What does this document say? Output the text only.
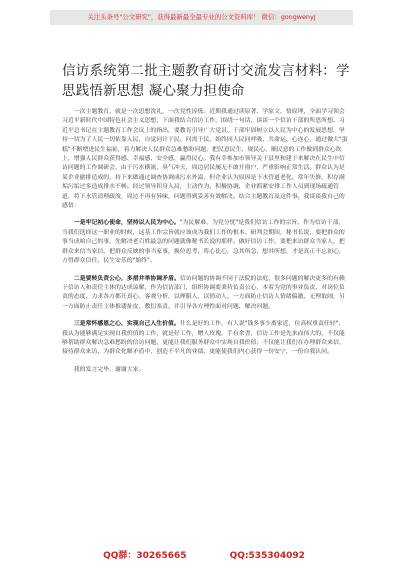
关注头条号"公文研究"，获得最新最全最专业的公文资料库！ 微信：gongwenyj
信访系统第二批主题教育研讨交流发言材料：学思践悟新思想 凝心聚力担使命

一次主题教育，就是一次思想洗礼、一次党性淬炼。近期我通过读原著、学原文、悟原理，全面学习领会习近平新时代中国特色社会主义思想，下面我结合信访工作，围绕一句话，谈谈一个信访干部的所思所想。习近平总书记在主题教育工作会议上的指出，要教育引导广大党员、干部牢固树立以人民为中心的发展思想，坚持一切为了人民一切依靠人民，自觉问计于民、问需于民，始终同人民同呼吸、共命运、心连心，通过做大"蛋糕"不断增进民生福祉，着力解决人民群众急难愁盼问题，把民意民生、规民心、顺民意的工作做到群众心坎上，增强人民群众获得感、幸福感、安全感，赢得民心。我有幸参加市领导关于县里和建下来解决在民生中信访问题的工作调研会，由于污水横流，臭气冲天，周边居民屡无不敢开窗户，严重影响正常生活。群众认为是某企业偷排造成的，持下来做通过调查协调成污水外溢，但企业认为原因是下水管道老化。常年失修，积存满垢污垢过多造成排水不畅。经过领导积身入局，主动作为、积极协调，企业抓紧安排工作人员到现场疏通管道，将下水管清理疏浚，周边不再有异味，问题得到妥善有效解决。结合主题教育及这件事，我谈谈我自己的感悟：

一是牢记初心使命，坚持以人民为中心。"为民解难，为党分忧"是我们信访工作的宗旨。作为信访干部，当我们选择这一职业的时候，这基工作宗旨就应该成为我们工作的根本。研判会期间，秘书长说，要把群众的事当成咱自己的事，先解决老百姓最急的问题就像秘书长说的那样。做好信访工作，要把来访群众当家人，把群众来信当家信，把群众反映的事当家事，换位思考，将心比心，急其所急、想其所想，才是真正不忘初心，方得群众信任，民生安乐的"始终"。

二是要转负责公心，多措并举协调矛盾。信访问题的协调不同于法院的法庭，很多问题的解决更多的有赖于信访人和责任主体的达成谅解，作为信访部门，组织协调要秉持负责公心，本着为党的事业负责、对岗位负责的态度，力求各方都开真心、客观分析，以理服人，以情动人，一方面防止信访人情绪偏激、无理取闹，另一方面防止责任主体推诿扯皮、敷衍塞责，并引导各方理性面对问题，解决问题。

三是常怀感恩之心，实现自己人生价值。什么是好的工作，有人说"钱多事少离家近，位高权重责任轻"，我认为能够满足实现自我价值的工作，就是好工作，赠人玫瑰，手有余香，信访工作是先来而伟大的，不仅能够帮助群众解决急难愁盼的信访问题，更能让我们服务群众中实现自我价值；不仅能让我们在办理群众来信、接待群众来访、为群众化解矛盾中，创造不平凡的业绩，更能使我们内心获得一份安宁，一份自我认同。

我的发言完毕，谢谢大家。

QQ群：30265665	QQ:535304092
